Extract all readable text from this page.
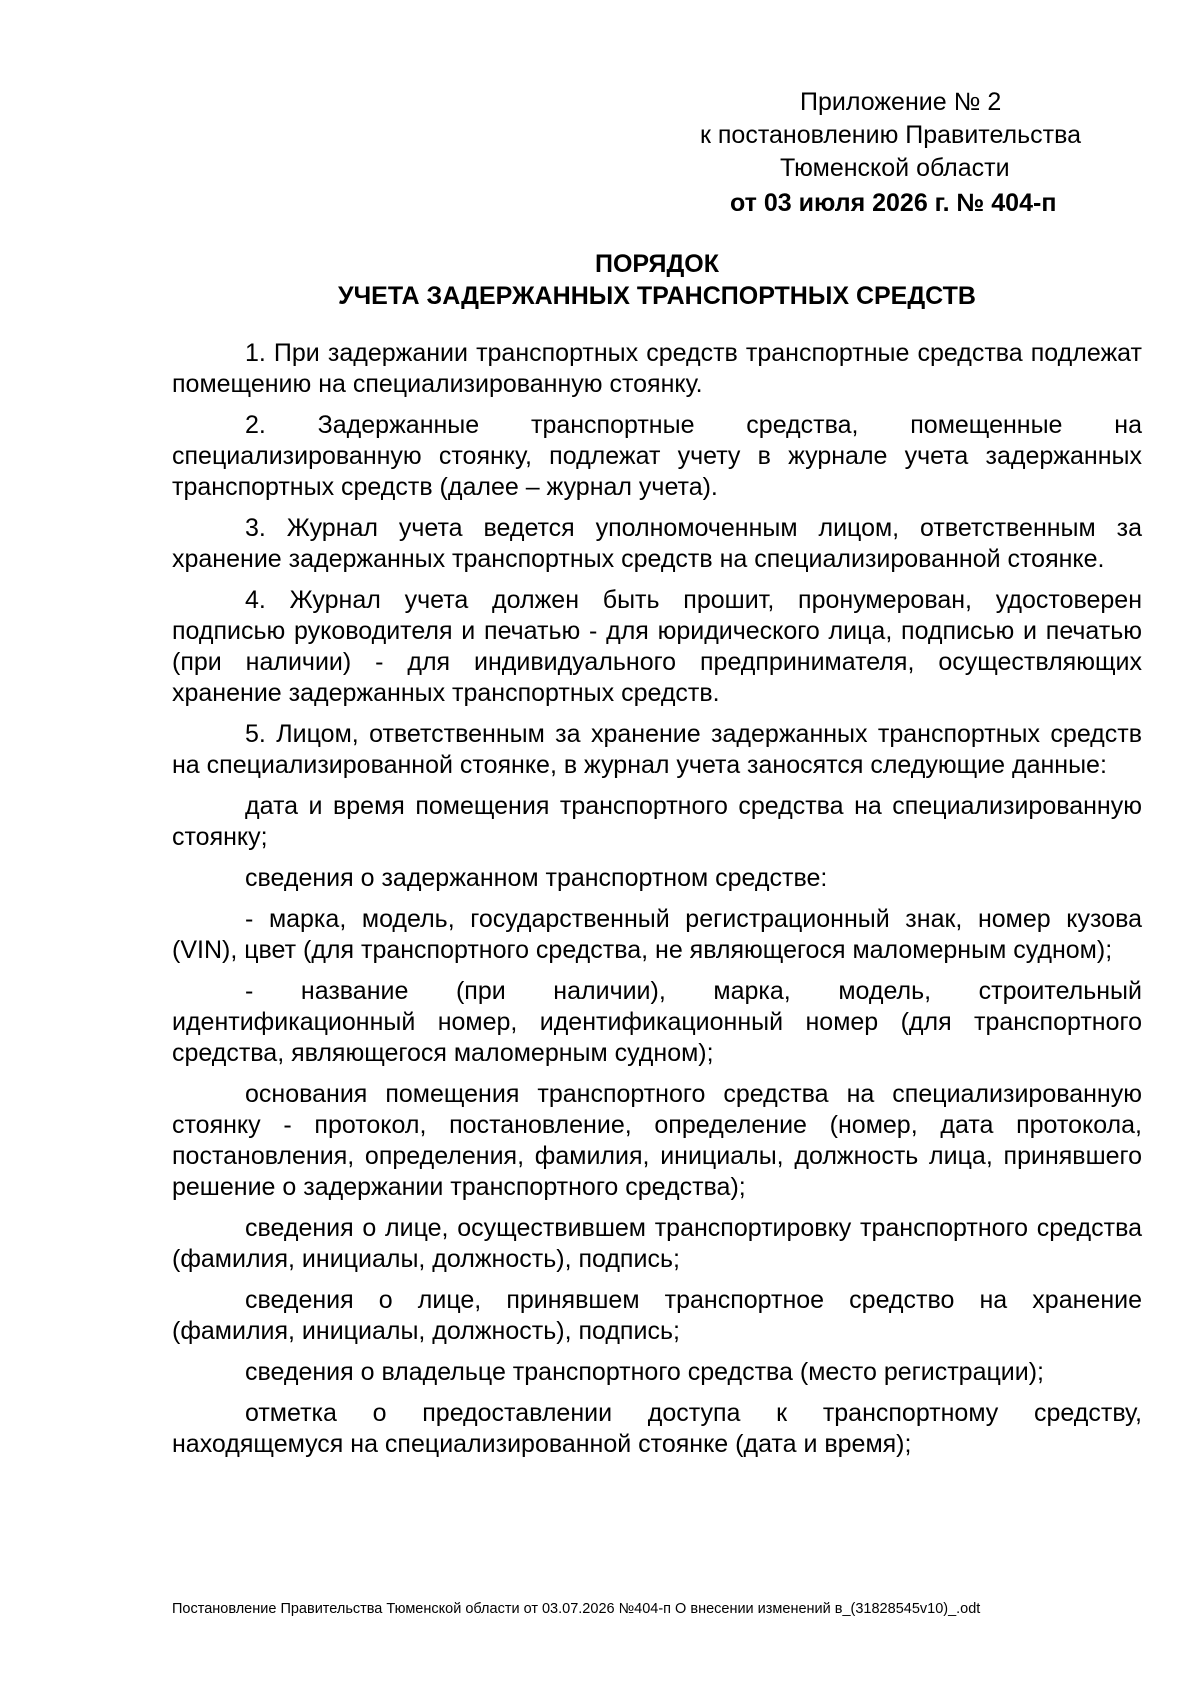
Приложение № 2
к постановлению Правительства
Тюменской области
от 03 июля 2026 г. № 404-п
ПОРЯДОК
УЧЕТА ЗАДЕРЖАННЫХ ТРАНСПОРТНЫХ СРЕДСТВ

1. При задержании транспортных средств транспортные средства подлежат помещению на специализированную стоянку.

2. Задержанные транспортные средства, помещенные на специализированную стоянку, подлежат учету в журнале учета задержанных транспортных средств (далее – журнал учета).

3. Журнал учета ведется уполномоченным лицом, ответственным за хранение задержанных транспортных средств на специализированной стоянке.

4. Журнал учета должен быть прошит, пронумерован, удостоверен подписью руководителя и печатью - для юридического лица, подписью и печатью (при наличии) - для индивидуального предпринимателя, осуществляющих хранение задержанных транспортных средств.

5. Лицом, ответственным за хранение задержанных транспортных средств на специализированной стоянке, в журнал учета заносятся следующие данные:

дата и время помещения транспортного средства на специализированную стоянку;

сведения о задержанном транспортном средстве:

- марка, модель, государственный регистрационный знак, номер кузова (VIN), цвет (для транспортного средства, не являющегося маломерным судном);

- название (при наличии), марка, модель, строительный идентификационный номер, идентификационный номер (для транспортного средства, являющегося маломерным судном);

основания помещения транспортного средства на специализированную стоянку - протокол, постановление, определение (номер, дата протокола, постановления, определения, фамилия, инициалы, должность лица, принявшего решение о задержании транспортного средства);

сведения о лице, осуществившем транспортировку транспортного средства (фамилия, инициалы, должность), подпись;

сведения о лице, принявшем транспортное средство на хранение (фамилия, инициалы, должность), подпись;

сведения о владельце транспортного средства (место регистрации);

отметка о предоставлении доступа к транспортному средству, находящемуся на специализированной стоянке (дата и время);

Постановление Правительства Тюменской области от 03.07.2026 №404-п О внесении изменений в_(31828545v10)_.odt
